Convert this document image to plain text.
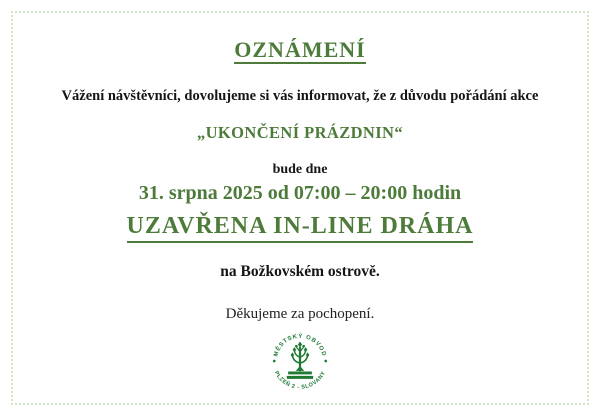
OZNÁMENÍ
Vážení návštěvníci, dovolujeme si vás informovat, že z důvodu pořádání akce
„UKONČENÍ PRÁZDNIN“
bude dne
31. srpna 2025 od 07:00 – 20:00 hodin
UZAVŘENA IN-LINE DRÁHA
na Božkovském ostrově.
Děkujeme za pochopení.
MĚSTSKÝ OBVOD
PLZEŇ 2 - SLOVANY
